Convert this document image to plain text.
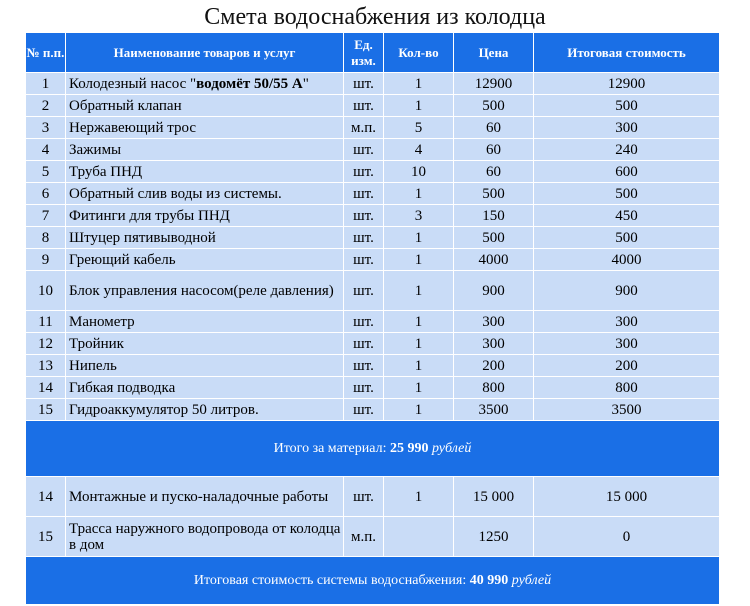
Смета водоснабжения из колодца
№ п.п.	Наименование товаров и услуг	Ед. изм.	Кол-во	Цена	Итоговая стоимость
1	Колодезный насос "водомёт 50/55 А"	шт.	1	12900	12900
2	Обратный клапан	шт.	1	500	500
3	Нержавеющий трос	м.п.	5	60	300
4	Зажимы	шт.	4	60	240
5	Труба ПНД	шт.	10	60	600
6	Обратный слив воды из системы.	шт.	1	500	500
7	Фитинги для трубы ПНД	шт.	3	150	450
8	Штуцер пятивыводной	шт.	1	500	500
9	Греющий кабель	шт.	1	4000	4000
10	Блок управления насосом(реле давления)	шт.	1	900	900
11	Манометр	шт.	1	300	300
12	Тройник	шт.	1	300	300
13	Нипель	шт.	1	200	200
14	Гибкая подводка	шт.	1	800	800
15	Гидроаккумулятор 50 литров.	шт.	1	3500	3500
Итого за материал: 25 990 рублей					
14	Монтажные и пуско-наладочные работы	шт.	1	15 000	15 000
15	Трасса наружного водопровода от колодца в дом	м.п.		1250	0
Итоговая стоимость системы водоснабжения: 40 990 рублей					
